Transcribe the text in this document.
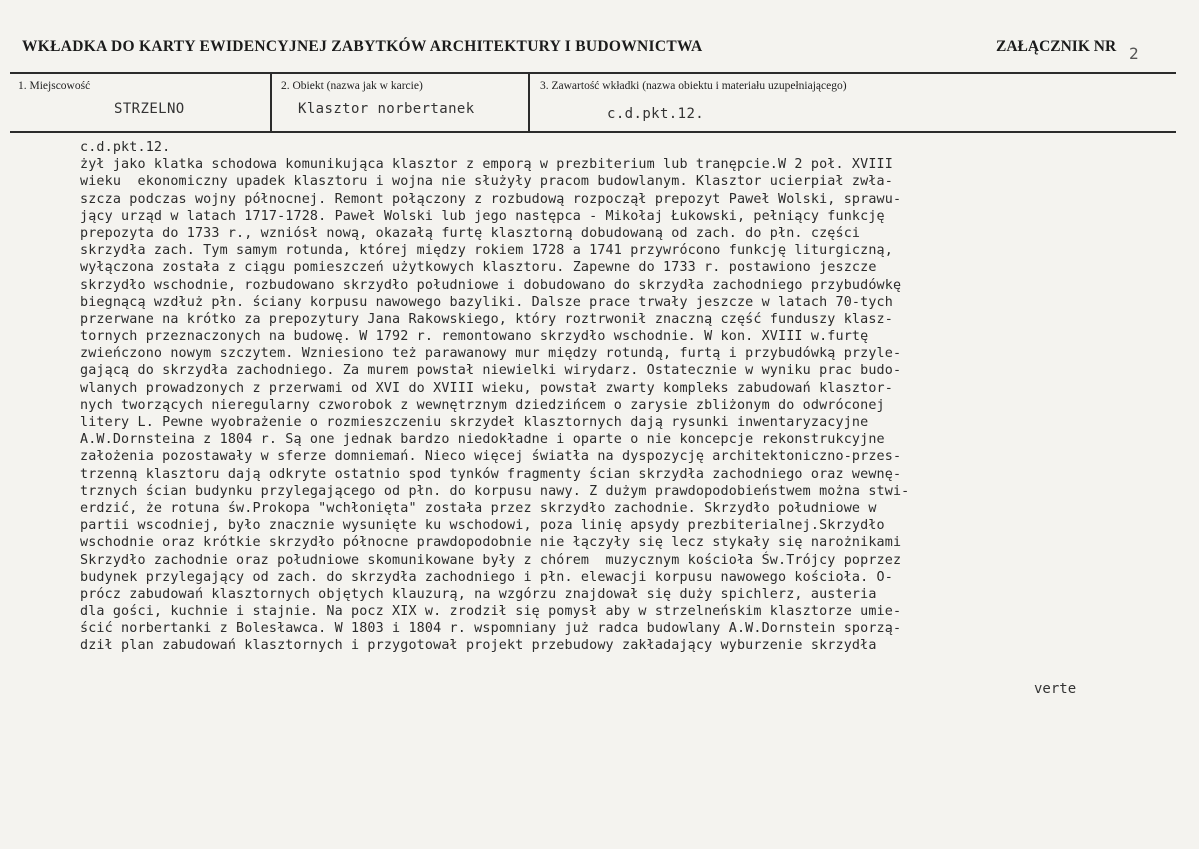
WKŁADKA DO KARTY EWIDENCYJNEJ ZABYTKÓW ARCHITEKTURY I BUDOWNICTWA	ZAŁĄCZNIK NR 2
1. Miejscowość
STRZELNO
2. Obiekt (nazwa jak w karcie)
Klasztor norbertanek
3. Zawartość wkładki (nazwa obiektu i materiału uzupełniającego)
c.d.pkt.12.
c.d.pkt.12.
żył jako klatka schodowa komunikująca klasztor z emporą w prezbiterium lub tranępcie.W 2 poł. XVIII
wieku  ekonomiczny upadek klasztoru i wojna nie służyły pracom budowlanym. Klasztor ucierpiał zwła-
szcza podczas wojny północnej. Remont połączony z rozbudową rozpoczął prepozyt Paweł Wolski, sprawu-
jący urząd w latach 1717-1728. Paweł Wolski lub jego następca - Mikołaj Łukowski, pełniący funkcję
prepozyta do 1733 r., wzniósł nową, okazałą furtę klasztorną dobudowaną od zach. do płn. części
skrzydła zach. Tym samym rotunda, której między rokiem 1728 a 1741 przywrócono funkcję liturgiczną,
wyłączona została z ciągu pomieszczeń użytkowych klasztoru. Zapewne do 1733 r. postawiono jeszcze
skrzydło wschodnie, rozbudowano skrzydło południowe i dobudowano do skrzydła zachodniego przybudówkę
biegnącą wzdłuż płn. ściany korpusu nawowego bazyliki. Dalsze prace trwały jeszcze w latach 70-tych
przerwane na krótko za prepozytury Jana Rakowskiego, który roztrwonił znaczną część funduszy klasz-
tornych przeznaczonych na budowę. W 1792 r. remontowano skrzydło wschodnie. W kon. XVIII w.furtę
zwieńczono nowym szczytem. Wzniesiono też parawanowy mur między rotundą, furtą i przybudówką przyle-
gającą do skrzydła zachodniego. Za murem powstał niewielki wirydarz. Ostatecznie w wyniku prac budo-
wlanych prowadzonych z przerwami od XVI do XVIII wieku, powstał zwarty kompleks zabudowań klasztor-
nych tworzących nieregularny czworobok z wewnętrznym dziedzińcem o zarysie zbliżonym do odwróconej
litery L. Pewne wyobrażenie o rozmieszczeniu skrzydeł klasztornych dają rysunki inwentaryzacyjne
A.W.Dornsteina z 1804 r. Są one jednak bardzo niedokładne i oparte o nie koncepcje rekonstrukcyjne
założenia pozostawały w sferze domniemań. Nieco więcej światła na dyspozycję architektoniczno-przes-
trzenną klasztoru dają odkryte ostatnio spod tynków fragmenty ścian skrzydła zachodniego oraz wewnę-
trznych ścian budynku przylegającego od płn. do korpusu nawy. Z dużym prawdopodobieństwem można stwi-
erdzić, że rotuna św.Prokopa "wchłonięta" została przez skrzydło zachodnie. Skrzydło południowe w
partii wscodniej, było znacznie wysunięte ku wschodowi, poza linię apsydy prezbiterialnej.Skrzydło
wschodnie oraz krótkie skrzydło północne prawdopodobnie nie łączyły się lecz stykały się narożnikami
Skrzydło zachodnie oraz południowe skomunikowane były z chórem  muzycznym kościoła Św.Trójcy poprzez
budynek przylegający od zach. do skrzydła zachodniego i płn. elewacji korpusu nawowego kościoła. O-
prócz zabudowań klasztornych objętych klauzurą, na wzgórzu znajdował się duży spichlerz, austeria
dla gości, kuchnie i stajnie. Na pocz XIX w. zrodził się pomysł aby w strzelneńskim klasztorze umie-
ścić norbertanki z Bolesławca. W 1803 i 1804 r. wspomniany już radca budowlany A.W.Dornstein sporzą-
dził plan zabudowań klasztornych i przygotował projekt przebudowy zakładający wyburzenie skrzydła
verte
